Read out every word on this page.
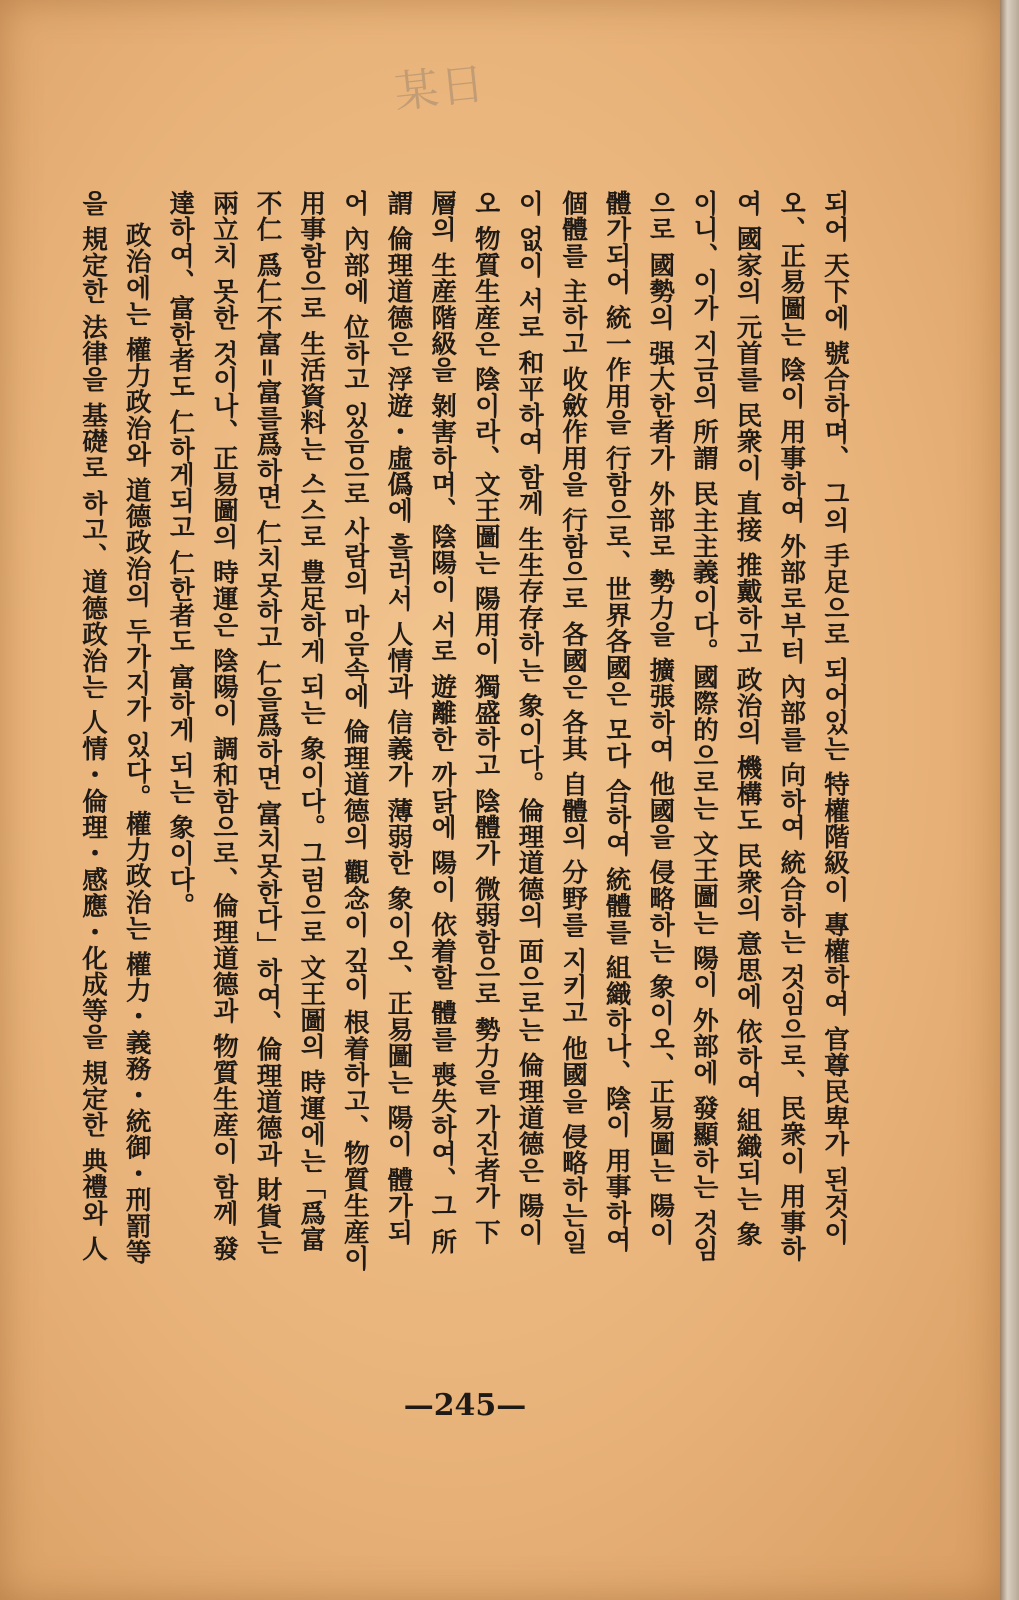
某日
되어 天下에 號合하며、 그의 手足으로 되어있는 特權階級이 專權하여 官尊民卑가 된것이
오、正易圖는 陰이 用事하여 外部로부터 內部를 向하여 統合하는 것임으로、民衆이 用事하
여 國家의 元首를 民衆이 直接 推戴하고 政治의 機構도 民衆의 意思에 依하여 組織되는 象
이니、이가 지금의 所謂 民主主義이다。國際的으로는 文王圖는 陽이 外部에 發顯하는 것임
으로 國勢의 强大한者가 外部로 勢力을 擴張하여 他國을 侵略하는 象이오、正易圖는 陽이
體가되어 統一作用을 行함으로、世界各國은 모다 合하여 統體를 組織하나、陰이 用事하여
個體를 主하고 收斂作用을 行함으로 各國은 各其 自體의 分野를 지키고 他國을 侵略하는일
이 없이 서로 和平하여 함께 生生存存하는 象이다。倫理道德의 面으로는 倫理道德은 陽이
오 物質生産은 陰이라、文王圖는 陽用이 獨盛하고 陰體가 微弱함으로 勢力을 가진者가 下
層의 生産階級을 剝害하며、陰陽이 서로 遊離한 까닭에 陽이 依着할 體를 喪失하여、그 所
謂 倫理道德은 浮遊・虛僞에 흘러서 人情과 信義가 薄弱한 象이오、正易圖는 陽이 體가되
어 內部에 位하고 있음으로 사람의 마음속에 倫理道德의 觀念이 깊이 根着하고、物質生産이
用事함으로 生活資料는 스스로 豊足하게 되는 象이다。그럼으로 文王圖의 時運에는「爲富
不仁 爲仁不富=富를爲하면 仁치못하고 仁을爲하면 富치못한다」하여、倫理道德과 財貨는
兩立치 못한 것이나、正易圖의 時運은 陰陽이 調和함으로、倫理道德과 物質生産이 함께 發
達하여、富한者도 仁하게되고 仁한者도 富하게 되는 象이다。
政治에는 權力政治와 道德政治의 두가지가 있다。權力政治는 權力・義務・統御・刑罰等
을 規定한 法律을 基礎로 하고、道德政治는 人情・倫理・感應・化成等을 規定한 典禮와 人
—245—
